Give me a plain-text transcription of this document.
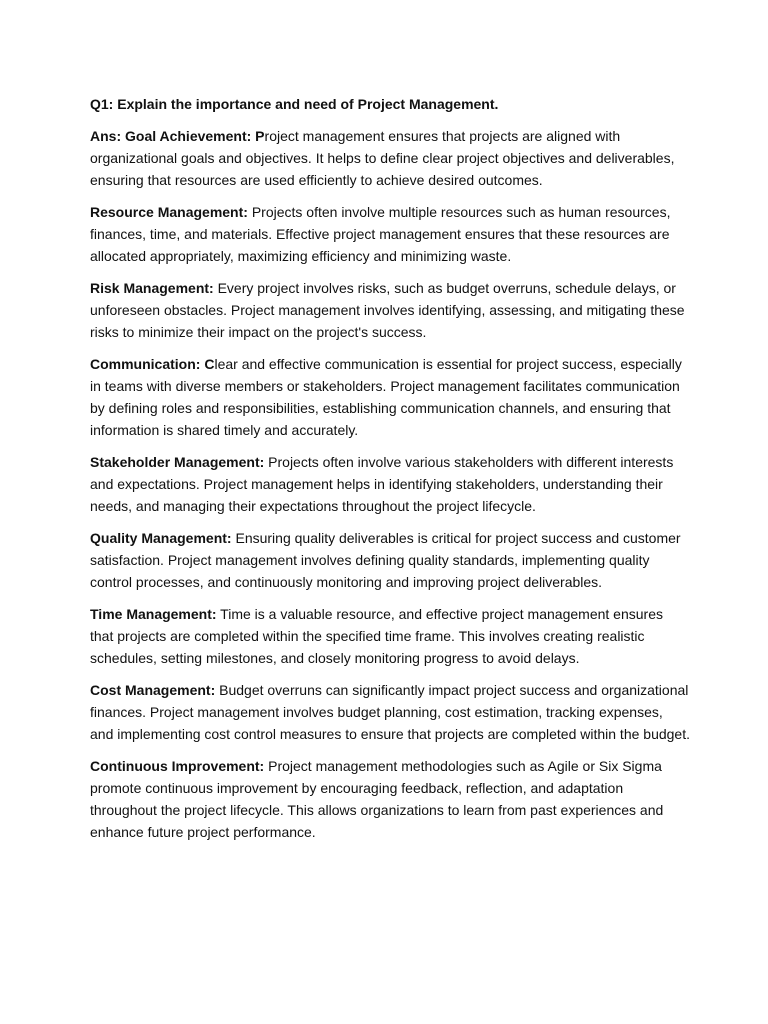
Q1: Explain the importance and need of Project Management.

Ans: Goal Achievement: Project management ensures that projects are aligned with organizational goals and objectives. It helps to define clear project objectives and deliverables, ensuring that resources are used efficiently to achieve desired outcomes.

Resource Management: Projects often involve multiple resources such as human resources, finances, time, and materials. Effective project management ensures that these resources are allocated appropriately, maximizing efficiency and minimizing waste.

Risk Management: Every project involves risks, such as budget overruns, schedule delays, or unforeseen obstacles. Project management involves identifying, assessing, and mitigating these risks to minimize their impact on the project's success.

Communication: Clear and effective communication is essential for project success, especially in teams with diverse members or stakeholders. Project management facilitates communication by defining roles and responsibilities, establishing communication channels, and ensuring that information is shared timely and accurately.

Stakeholder Management: Projects often involve various stakeholders with different interests and expectations. Project management helps in identifying stakeholders, understanding their needs, and managing their expectations throughout the project lifecycle.

Quality Management: Ensuring quality deliverables is critical for project success and customer satisfaction. Project management involves defining quality standards, implementing quality control processes, and continuously monitoring and improving project deliverables.

Time Management: Time is a valuable resource, and effective project management ensures that projects are completed within the specified time frame. This involves creating realistic schedules, setting milestones, and closely monitoring progress to avoid delays.

Cost Management: Budget overruns can significantly impact project success and organizational finances. Project management involves budget planning, cost estimation, tracking expenses, and implementing cost control measures to ensure that projects are completed within the budget.

Continuous Improvement: Project management methodologies such as Agile or Six Sigma promote continuous improvement by encouraging feedback, reflection, and adaptation throughout the project lifecycle. This allows organizations to learn from past experiences and enhance future project performance.
